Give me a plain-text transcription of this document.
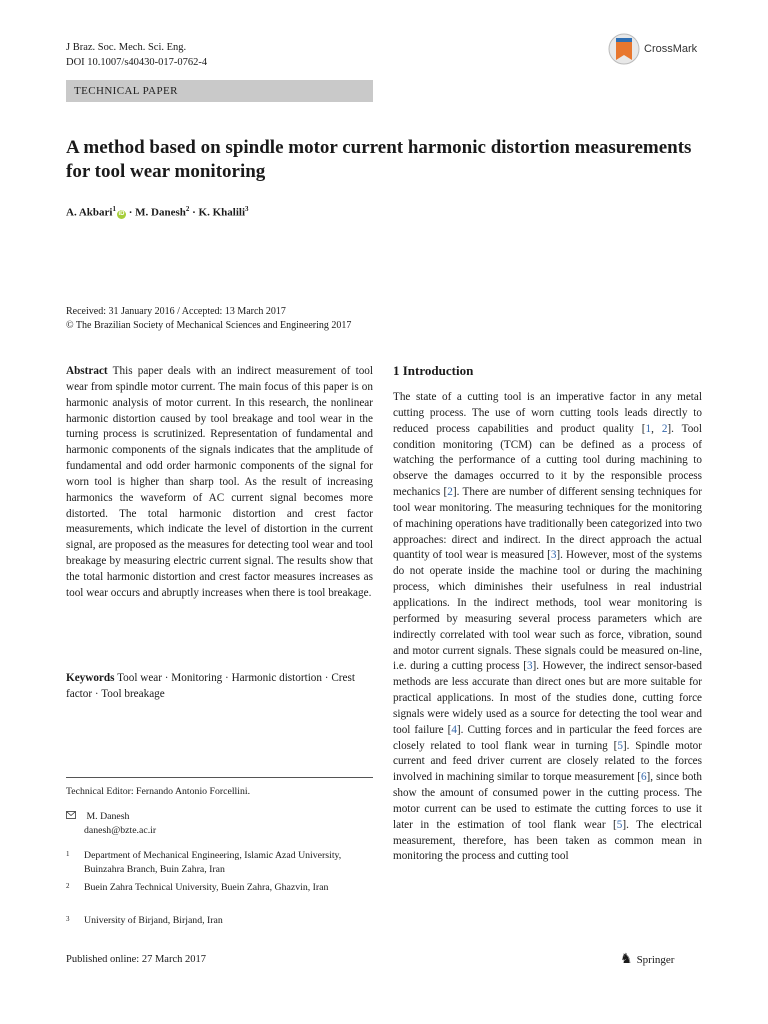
J Braz. Soc. Mech. Sci. Eng.
DOI 10.1007/s40430-017-0762-4
CrossMark
TECHNICAL PAPER
A method based on spindle motor current harmonic distortion measurements for tool wear monitoring
A. Akbari$^1$iD · M. Danesh$^2$ · K. Khalili$^3$
Received: 31 January 2016 / Accepted: 13 March 2017
© The Brazilian Society of Mechanical Sciences and Engineering 2017
Abstract This paper deals with an indirect measurement of tool wear from spindle motor current. The main focus of this paper is on harmonic analysis of motor current. In this research, the nonlinear harmonic distortion caused by tool breakage and tool wear in the turning process is scrutinized. Representation of fundamental and harmonic components of the signals indicates that the amplitude of fundamental and odd order harmonic components of the signal for worn tool is higher than sharp tool. As the result of increasing harmonics the waveform of AC current signal becomes more distorted. The total harmonic distortion and crest factor measurements, which indicate the level of distortion in the current signal, are proposed as the measures for detecting tool wear and tool breakage by measuring electric current signal. The results show that the total harmonic distortion and crest factor measures increases as tool wear occurs and abruptly increases when there is tool breakage.
Keywords Tool wear · Monitoring · Harmonic distortion · Crest factor · Tool breakage
Technical Editor: Fernando Antonio Forcellini.
M. Danesh
danesh@bzte.ac.ir
1	Department of Mechanical Engineering, Islamic Azad University, Buinzahra Branch, Buin Zahra, Iran
2	Buein Zahra Technical University, Buein Zahra, Ghazvin, Iran
3	University of Birjand, Birjand, Iran
1 Introduction
The state of a cutting tool is an imperative factor in any metal cutting process. The use of worn cutting tools leads directly to reduced process capabilities and product quality [1, 2]. Tool condition monitoring (TCM) can be defined as a process of watching the performance of a cutting tool during machining to observe the damages occurred to it by the responsible process mechanics [2]. There are number of different sensing techniques for tool wear monitoring. The measuring techniques for the monitoring of machining operations have traditionally been categorized into two approaches: direct and indirect. In the direct approach the actual quantity of tool wear is measured [3]. However, most of the systems do not operate inside the machine tool or during the machining process, which diminishes their usefulness in real industrial applications. In the indirect methods, tool wear monitoring is performed by measuring several process parameters which are indirectly correlated with tool wear such as force, vibration, sound and motor current signals. These signals could be measured on-line, i.e. during a cutting process [3]. However, the indirect sensor-based methods are less accurate than direct ones but are more suitable for practical applications. In most of the studies done, cutting force signals were widely used as a source for detecting the tool wear and tool failure [4]. Cutting forces and in particular the feed forces are closely related to tool flank wear in turning [5]. Spindle motor current and feed driver current are closely related to the forces involved in machining similar to torque measurement [6], since both show the amount of consumed power in the cutting process. The motor current can be used to estimate the cutting forces to use it later in the estimation of tool flank wear [5]. The electrical measurement, therefore, has been taken as common mean in monitoring the process and cutting tool
Published online: 27 March 2017	♞ Springer
